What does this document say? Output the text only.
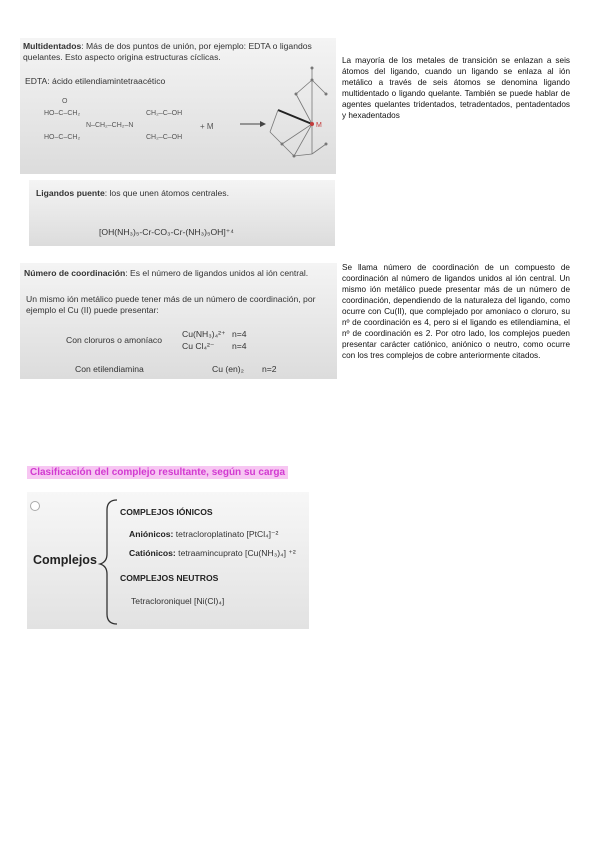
Multidentados: Más de dos puntos de unión, por ejemplo: EDTA o ligandos
quelantes. Esto aspecto origina estructuras cíclicas.
EDTA: ácido etilendiamintetraacético
O
HO–C–CH₂
N–CH₂–CH₂–N
HO–C–CH₂
CH₂–C–OH
CH₂–C–OH
+ M	M
La mayoría de los metales de transición se enlazan a seis átomos del ligando, cuando un ligando se enlaza al ión metálico a través de seis átomos se denomina ligando multidentado o ligando quelante. También se puede hablar de agentes quelantes tridentados, tetradentados, pentadentados y hexadentados
Ligandos puente: los que unen átomos centrales.
[OH(NH₃)₅-Cr-CO₃-Cr-(NH₃)₅OH]⁺⁴
Número de coordinación: Es el número de ligandos unidos al ión central.
Un mismo ión metálico puede tener más de un número de coordinación, por
ejemplo el Cu (II) puede presentar:
Con cloruros o amoníaco
Cu(NH₃)₄²⁺ n=4
Cu Cl₄²⁻ n=4
Con etilendiamina	Cu (en)₂ n=2
Se llama número de coordinación de un compuesto de coordinación al número de ligandos unidos al ión central. Un mismo ión metálico puede presentar más de un número de coordinación, dependiendo de la naturaleza del ligando, como ocurre con Cu(II), que complejado por amoniaco o cloruro, su nº de coordinación es 4, pero si el ligando es etilendiamina, el nº de coordinación es 2. Por otro lado, los complejos pueden presentar carácter catiónico, aniónico o neutro, como ocurre con los tres complejos de cobre anteriormente citados.
Clasificación del complejo resultante, según su carga
Complejos
COMPLEJOS IÓNICOS
Aniónicos: tetracloroplatinato [PtCl₄]⁻²
Catiónicos: tetraamincuprato [Cu(NH₃)₄] ⁺²
COMPLEJOS NEUTROS
Tetracloroniquel [Ni(Cl)₄]
